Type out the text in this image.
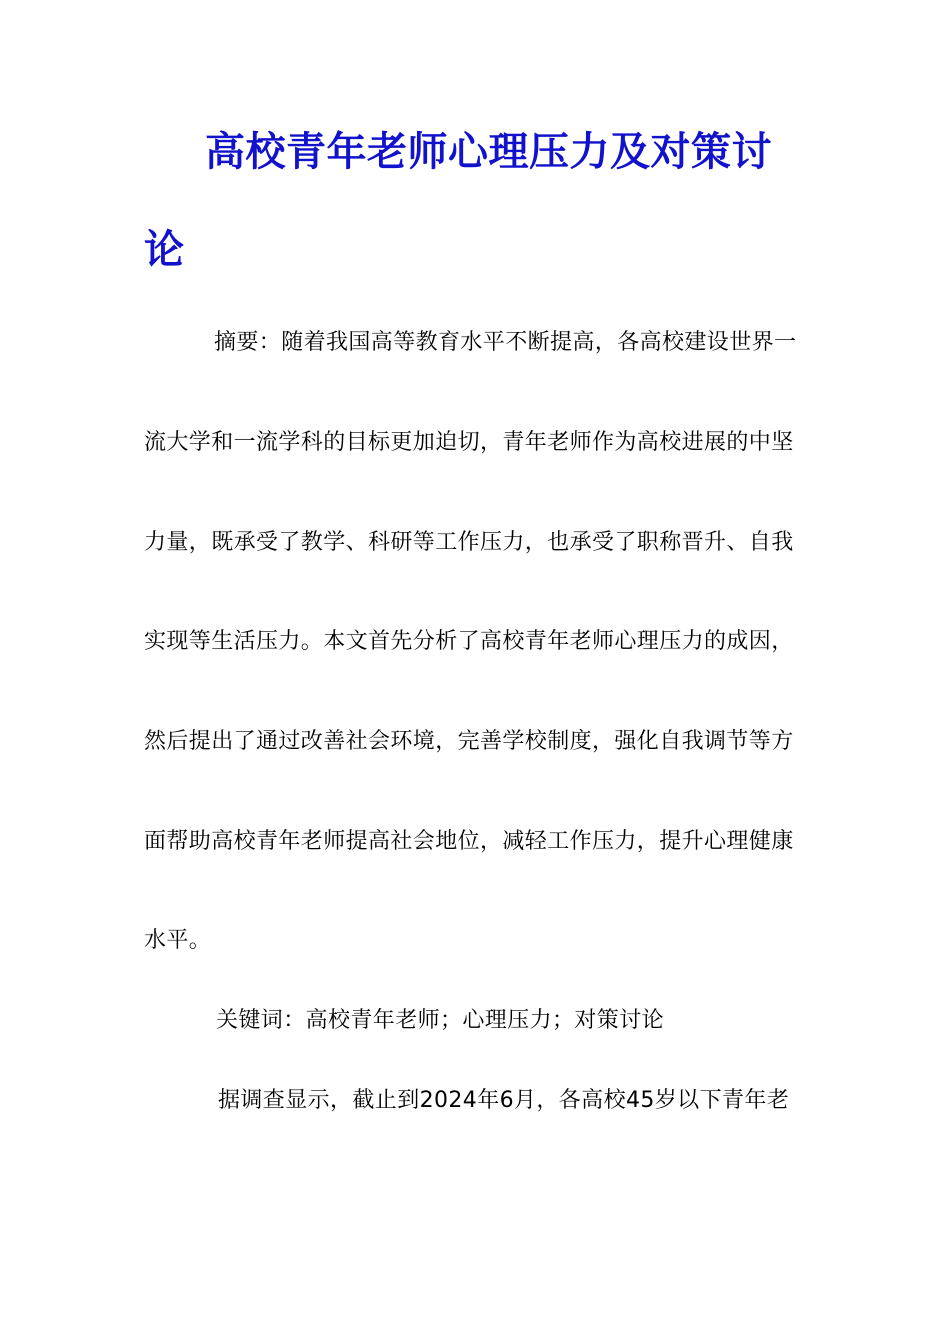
高校青年老师心理压力及对策讨
论
摘要：随着我国高等教育水平不断提高，各高校建设世界一
流大学和一流学科的目标更加迫切，青年老师作为高校进展的中坚
力量，既承受了教学、科研等工作压力，也承受了职称晋升、自我
实现等生活压力。本文首先分析了高校青年老师心理压力的成因，
然后提出了通过改善社会环境，完善学校制度，强化自我调节等方
面帮助高校青年老师提高社会地位，减轻工作压力，提升心理健康
水平。
关键词：高校青年老师；心理压力；对策讨论
据调查显示，截止到2024年6月，各高校45岁以下青年老
